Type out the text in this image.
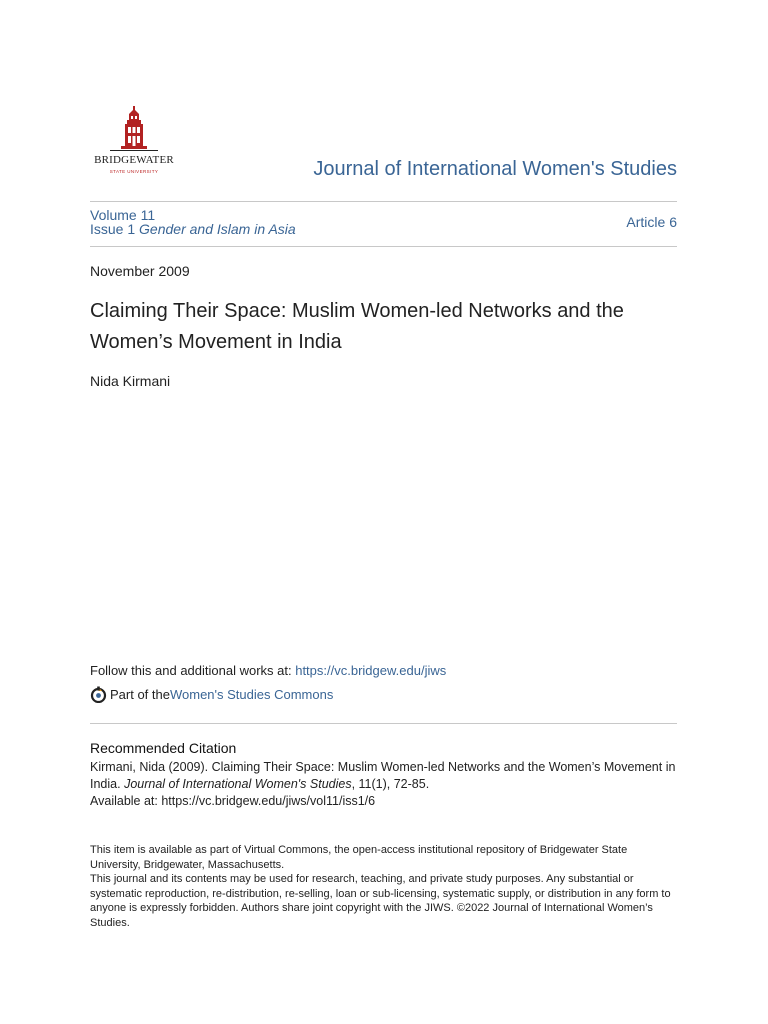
BRIDGEWATER
STATE UNIVERSITY	Journal of International Women's Studies
Volume 11
Issue 1 Gender and Islam in Asia	Article 6
November 2009
Claiming Their Space: Muslim Women-led Networks and the Women’s Movement in India
Nida Kirmani
Follow this and additional works at: https://vc.bridgew.edu/jiws
Part of the Women's Studies Commons
Recommended Citation
Kirmani, Nida (2009). Claiming Their Space: Muslim Women-led Networks and the Women’s Movement in India. Journal of International Women's Studies, 11(1), 72-85.
Available at: https://vc.bridgew.edu/jiws/vol11/iss1/6

This item is available as part of Virtual Commons, the open-access institutional repository of Bridgewater State University, Bridgewater, Massachusetts.

This journal and its contents may be used for research, teaching, and private study purposes. Any substantial or systematic reproduction, re-distribution, re-selling, loan or sub-licensing, systematic supply, or distribution in any form to anyone is expressly forbidden. Authors share joint copyright with the JIWS. ©2022 Journal of International Women’s Studies.
